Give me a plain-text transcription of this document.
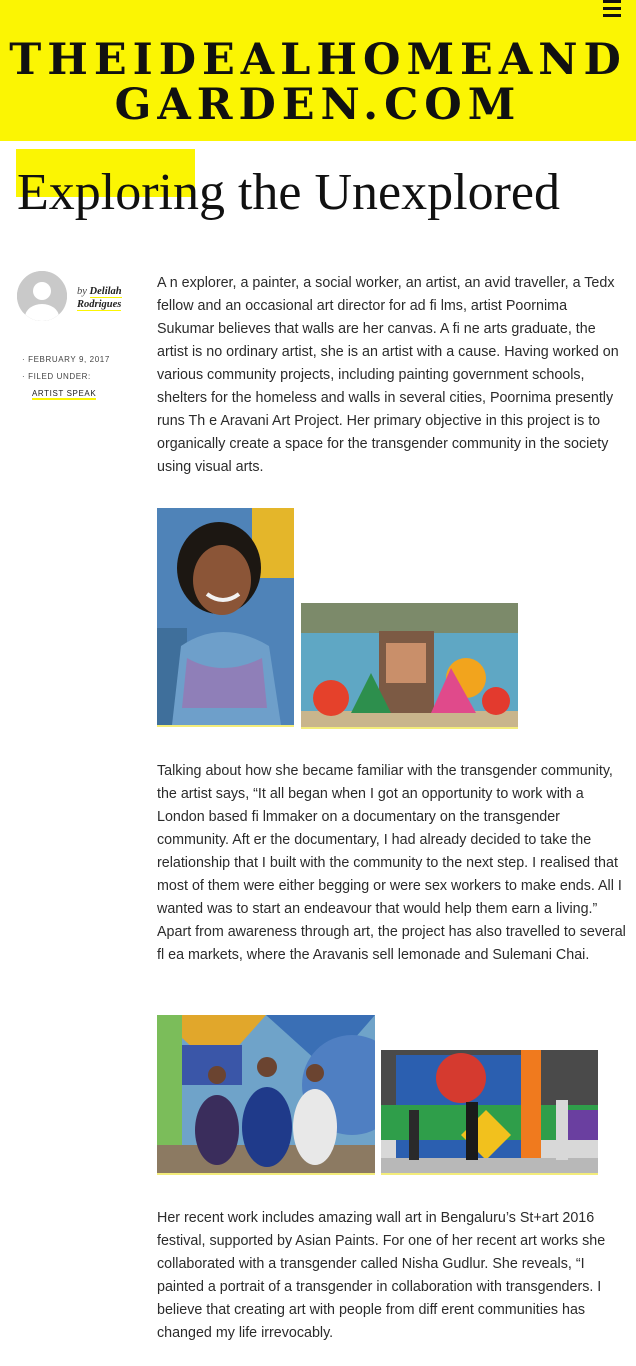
THEIDEALHOMEAND
GARDEN.COM
Exploring the Unexplored
by Delilah
Rodrigues
· FEBRUARY 9, 2017
· FILED UNDER:
ARTIST SPEAK

A n explorer, a painter, a social worker, an artist, an avid traveller, a Tedx fellow and an occasional art director for ad fi lms, artist Poornima Sukumar believes that walls are her canvas. A fi ne arts graduate, the artist is no ordinary artist, she is an artist with a cause. Having worked on various community projects, including painting government schools, shelters for the homeless and walls in several cities, Poornima presently runs Th e Aravani Art Project. Her primary objective in this project is to organically create a space for the transgender community in the society using visual arts.

Talking about how she became familiar with the transgender community, the artist says, “It all began when I got an opportunity to work with a London based fi lmmaker on a documentary on the transgender community. Aft er the documentary, I had already decided to take the relationship that I built with the community to the next step. I realised that most of them were either begging or were sex workers to make ends. All I wanted was to start an endeavour that would help them earn a living.” Apart from awareness through art, the project has also travelled to several fl ea markets, where the Aravanis sell lemonade and Sulemani Chai.

Her recent work includes amazing wall art in Bengaluru’s St+art 2016 festival, supported by Asian Paints. For one of her recent art works she collaborated with a transgender called Nisha Gudlur. She reveals, “I painted a portrait of a transgender in collaboration with transgenders. I believe that creating art with people from diff erent communities has changed my life irrevocably.
